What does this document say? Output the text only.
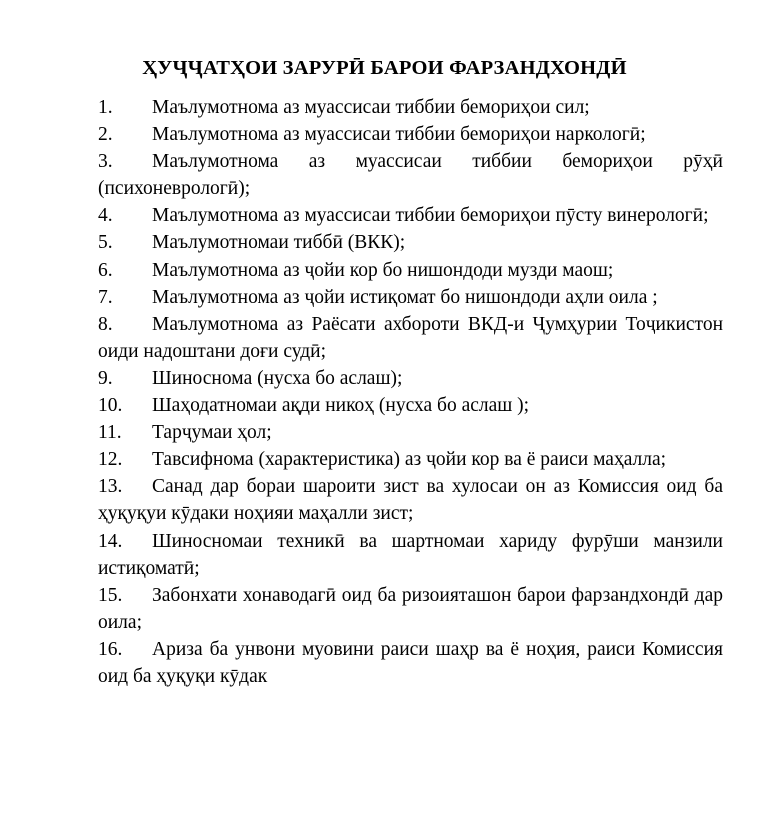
ҲУҶҶАТҲОИ ЗАРУРӢ БАРОИ ФАРЗАНДХОНДӢ

1. Маълумотнома аз муассисаи тиббии бемориҳои сил;

2. Маълумотнома аз муассисаи тиббии бемориҳои наркологӣ;

3. Маълумотнома аз муассисаи тиббии бемориҳои рӯҳӣ (психоневрологӣ);

4. Маълумотнома аз муассисаи тиббии бемориҳои пӯсту винерологӣ;

5. Маълумотномаи тиббӣ (ВКК);

6. Маълумотнома аз ҷойи кор бо нишондоди музди маош;

7. Маълумотнома аз ҷойи истиқомат бо нишондоди аҳли оила ;

8. Маълумотнома аз Раёсати ахбороти ВКД-и Ҷумҳурии Тоҷикистон оиди надоштани доғи судӣ;

9. Шиносномa (нусха бо аслаш);

10. Шаҳодатномаи ақди никоҳ (нусха бо аслаш );

11. Тарҷумаи ҳол;

12. Тавсифнома (характеристика) аз ҷойи кор ва ё раиси маҳалла;

13. Санад дар бораи шароити зист ва хулосаи он аз Комиссия оид ба ҳуқуқуи кӯдаки ноҳияи маҳалли зист;

14. Шиносномаи техникӣ ва шартномаи хариду фурӯши манзили истиқоматӣ;

15. Забонхати хонаводагӣ оид ба ризоияташон барои фарзандхондӣ дар оила;

16. Ариза ба унвони муовини раиси шаҳр ва ё ноҳия, раиси Комиссия оид ба ҳуқуқи кӯдак
